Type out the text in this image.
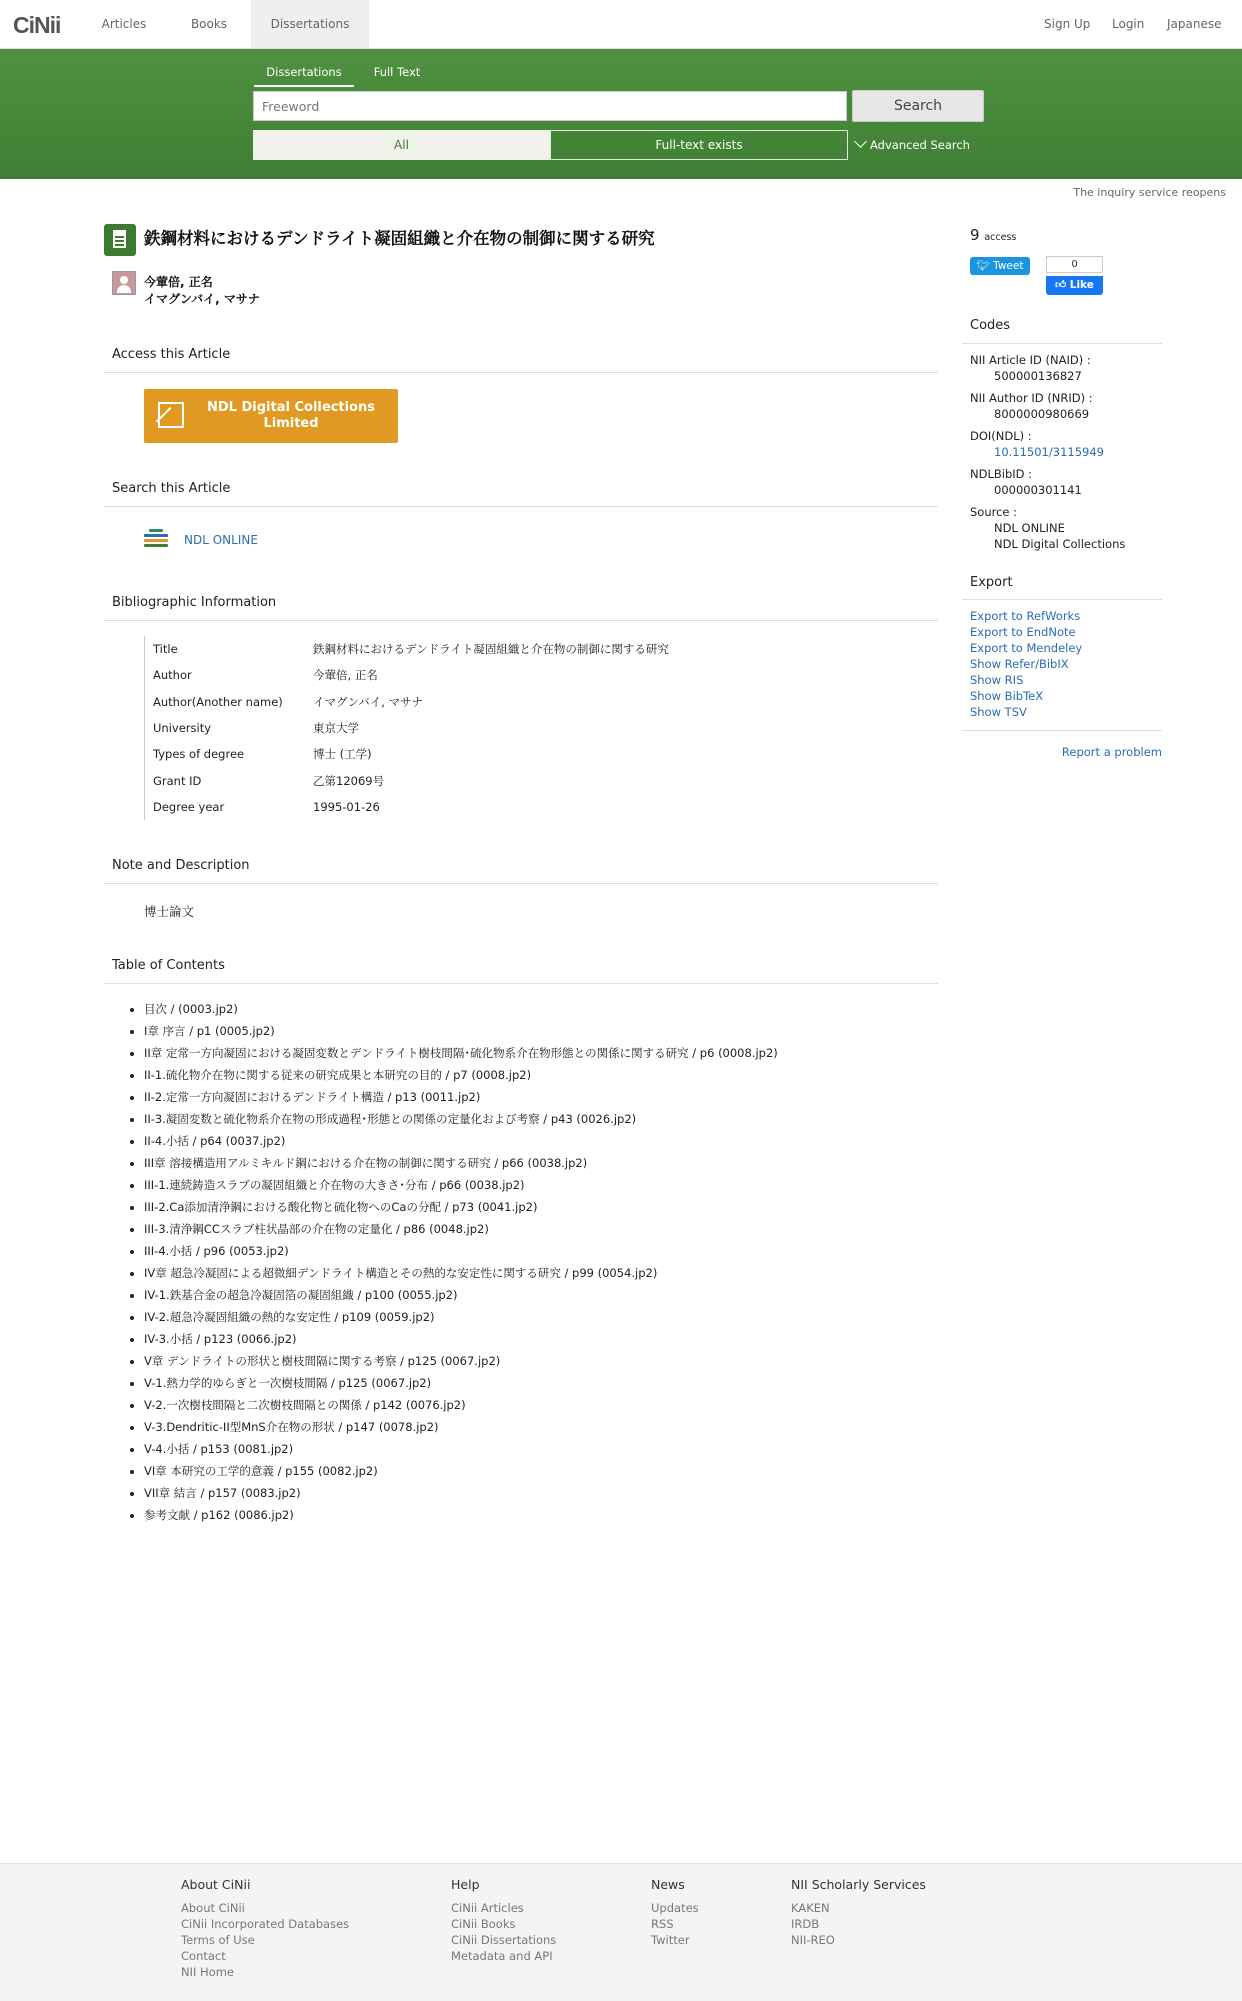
CiNii	Articles	Books	Dissertations	Sign Up Login Japanese
Dissertations	Full Text
Freeword
Search
All	Full-text exists	Advanced Search
The inquiry service reopens
鉄鋼材料におけるデンドライト凝固組織と介在物の制御に関する研究
今葷倍, 正名
イマグンバイ, マサナ
Access this Article
NDL Digital Collections Limited
Search this Article
NDL ONLINE
Bibliographic Information
Title	鉄鋼材料におけるデンドライト凝固組織と介在物の制御に関する研究
Author	今葷倍, 正名
Author(Another name)	イマグンバイ, マサナ
University	東京大学
Types of degree	博士 (工学)
Grant ID	乙第12069号
Degree year	1995-01-26
Note and Description
博士論文
Table of Contents
• 目次 / (0003.jp2)
• I章 序言 / p1 (0005.jp2)
• II章 定常一方向凝固における凝固変数とデンドライト樹枝間隔･硫化物系介在物形態との関係に関する研究 / p6 (0008.jp2)
• II-1.硫化物介在物に関する従来の研究成果と本研究の目的 / p7 (0008.jp2)
• II-2.定常一方向凝固におけるデンドライト構造 / p13 (0011.jp2)
• II-3.凝固変数と硫化物系介在物の形成過程･形態との関係の定量化および考察 / p43 (0026.jp2)
• II-4.小括 / p64 (0037.jp2)
• III章 溶接構造用アルミキルド鋼における介在物の制御に関する研究 / p66 (0038.jp2)
• III-1.連続鋳造スラブの凝固組織と介在物の大きさ･分布 / p66 (0038.jp2)
• III-2.Ca添加清浄鋼における酸化物と硫化物へのCaの分配 / p73 (0041.jp2)
• III-3.清浄鋼CCスラブ柱状晶部の介在物の定量化 / p86 (0048.jp2)
• III-4.小括 / p96 (0053.jp2)
• IV章 超急冷凝固による超微細デンドライト構造とその熱的な安定性に関する研究 / p99 (0054.jp2)
• IV-1.鉄基合金の超急冷凝固箔の凝固組織 / p100 (0055.jp2)
• IV-2.超急冷凝固組織の熱的な安定性 / p109 (0059.jp2)
• IV-3.小括 / p123 (0066.jp2)
• V章 デンドライトの形状と樹枝間隔に関する考察 / p125 (0067.jp2)
• V-1.熱力学的ゆらぎと一次樹枝間隔 / p125 (0067.jp2)
• V-2.一次樹枝間隔と二次樹枝間隔との関係 / p142 (0076.jp2)
• V-3.Dendritic-II型MnS介在物の形状 / p147 (0078.jp2)
• V-4.小括 / p153 (0081.jp2)
• VI章 本研究の工学的意義 / p155 (0082.jp2)
• VII章 結言 / p157 (0083.jp2)
• 参考文献 / p162 (0086.jp2)
9 access
🐦︎ Tweet	0
👍︎ Like
Codes
NII Article ID (NAID) :
500000136827
NII Author ID (NRID) :
8000000980669
DOI(NDL) :
10.11501/3115949
NDLBibID :
000000301141
Source :
NDL ONLINE
NDL Digital Collections
Export
Export to RefWorks
Export to EndNote
Export to Mendeley
Show Refer/BibIX
Show RIS
Show BibTeX
Show TSV
Report a problem
About CiNii
About CiNii
CiNii Incorporated Databases
Terms of Use
Contact
NII Home
Help
CiNii Articles
CiNii Books
CiNii Dissertations
Metadata and API
News
Updates
RSS
Twitter
NII Scholarly Services
KAKEN
IRDB
NII-REO
